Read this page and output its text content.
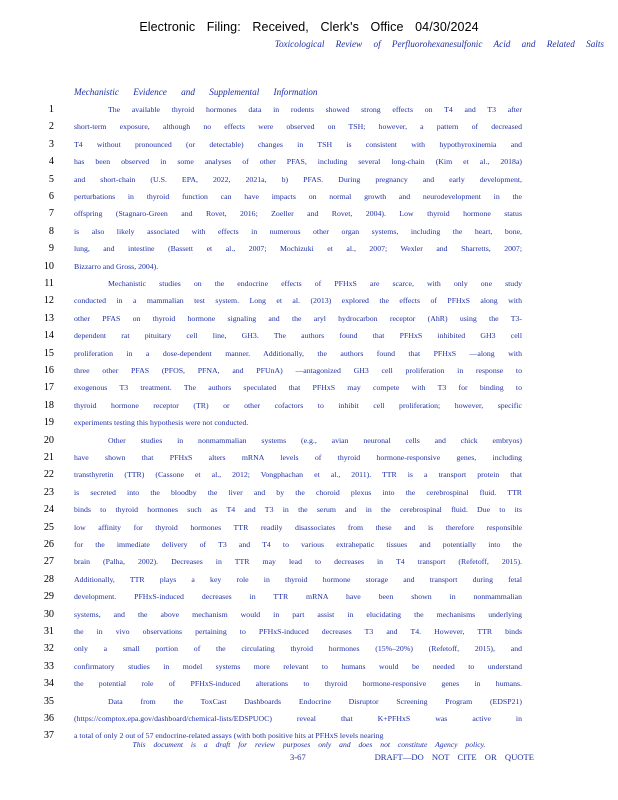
Electronic Filing: Received, Clerk's Office 04/30/2024
Toxicological Review of Perfluorohexanesulfonic Acid and Related Salts
Mechanistic Evidence and Supplemental Information
1	The available thyroid hormones data in rodents showed strong effects on T4 and T3 after
2	short-term exposure, although no effects were observed on TSH; however, a pattern of decreased
3	T4 without pronounced (or detectable) changes in TSH is consistent with hypothyroxinemia and
4	has been observed in some analyses of other PFAS, including several long-chain (Kim et al., 2018a)
5	and short-chain (U.S. EPA, 2022, 2021a, b) PFAS. During pregnancy and early development,
6	perturbations in thyroid function can have impacts on normal growth and neurodevelopment in the
7	offspring (Stagnaro-Green and Rovet, 2016; Zoeller and Rovet, 2004). Low thyroid hormone status
8	is also likely associated with effects in numerous other organ systems, including the heart, bone,
9	lung, and intestine (Bassett et al., 2007; Mochizuki et al., 2007; Wexler and Sharretts, 2007;
10	Bizzarro and Gross, 2004).
11	Mechanistic studies on the endocrine effects of PFHxS are scarce, with only one study
12	conducted in a mammalian test system. Long et al. (2013) explored the effects of PFHxS along with
13	other PFAS on thyroid hormone signaling and the aryl hydrocarbon receptor (AhR) using the T3-
14	dependent rat pituitary cell line, GH3. The authors found that PFHxS inhibited GH3 cell
15	proliferation in a dose-dependent manner. Additionally, the authors found that PFHxS —along with
16	three other PFAS (PFOS, PFNA, and PFUnA) —antagonized GH3 cell proliferation in response to
17	exogenous T3 treatment. The authors speculated that PFHxS may compete with T3 for binding to
18	thyroid hormone receptor (TR) or other cofactors to inhibit cell proliferation; however, specific
19	experiments testing this hypothesis were not conducted.
20	Other studies in nonmammalian systems (e.g., avian neuronal cells and chick embryos)
21	have shown that PFHxS alters mRNA levels of thyroid hormone-responsive genes, including
22	transthyretin (TTR) (Cassone et al., 2012; Vongphachan et al., 2011). TTR is a transport protein that
23	is secreted into the bloodby the liver and by the choroid plexus into the cerebrospinal fluid. TTR
24	binds to thyroid hormones such as T4 and T3 in the serum and in the cerebrospinal fluid. Due to its
25	low affinity for thyroid hormones TTR readily disassociates from these and is therefore responsible
26	for the immediate delivery of T3 and T4 to various extrahepatic tissues and potentially into the
27	brain (Palha, 2002). Decreases in TTR may lead to decreases in T4 transport (Refetoff, 2015).
28	Additionally, TTR plays a key role in thyroid hormone storage and transport during fetal
29	development. PFHxS-induced decreases in TTR mRNA have been shown in nonmammalian
30	systems, and the above mechanism would in part assist in elucidating the mechanisms underlying
31	the in vivo observations pertaining to PFHxS-induced decreases T3 and T4. However, TTR binds
32	only a small portion of the circulating thyroid hormones (15%–20%) (Refetoff, 2015), and
33	confirmatory studies in model systems more relevant to humans would be needed to understand
34	the potential role of PFHxS-induced alterations to thyroid hormone-responsive genes in humans.
35	Data from the ToxCast Dashboards Endocrine Disruptor Screening Program (EDSP21)
36	(https://comptox.epa.gov/dashboard/chemical-lists/EDSPUOC) reveal that K+PFHxS was active in
37	a total of only 2 out of 57 endocrine-related assays (with both positive hits at PFHxS levels nearing
This document is a draft for review purposes only and does not constitute Agency policy.
3-67	DRAFT—DO NOT CITE OR QUOTE
